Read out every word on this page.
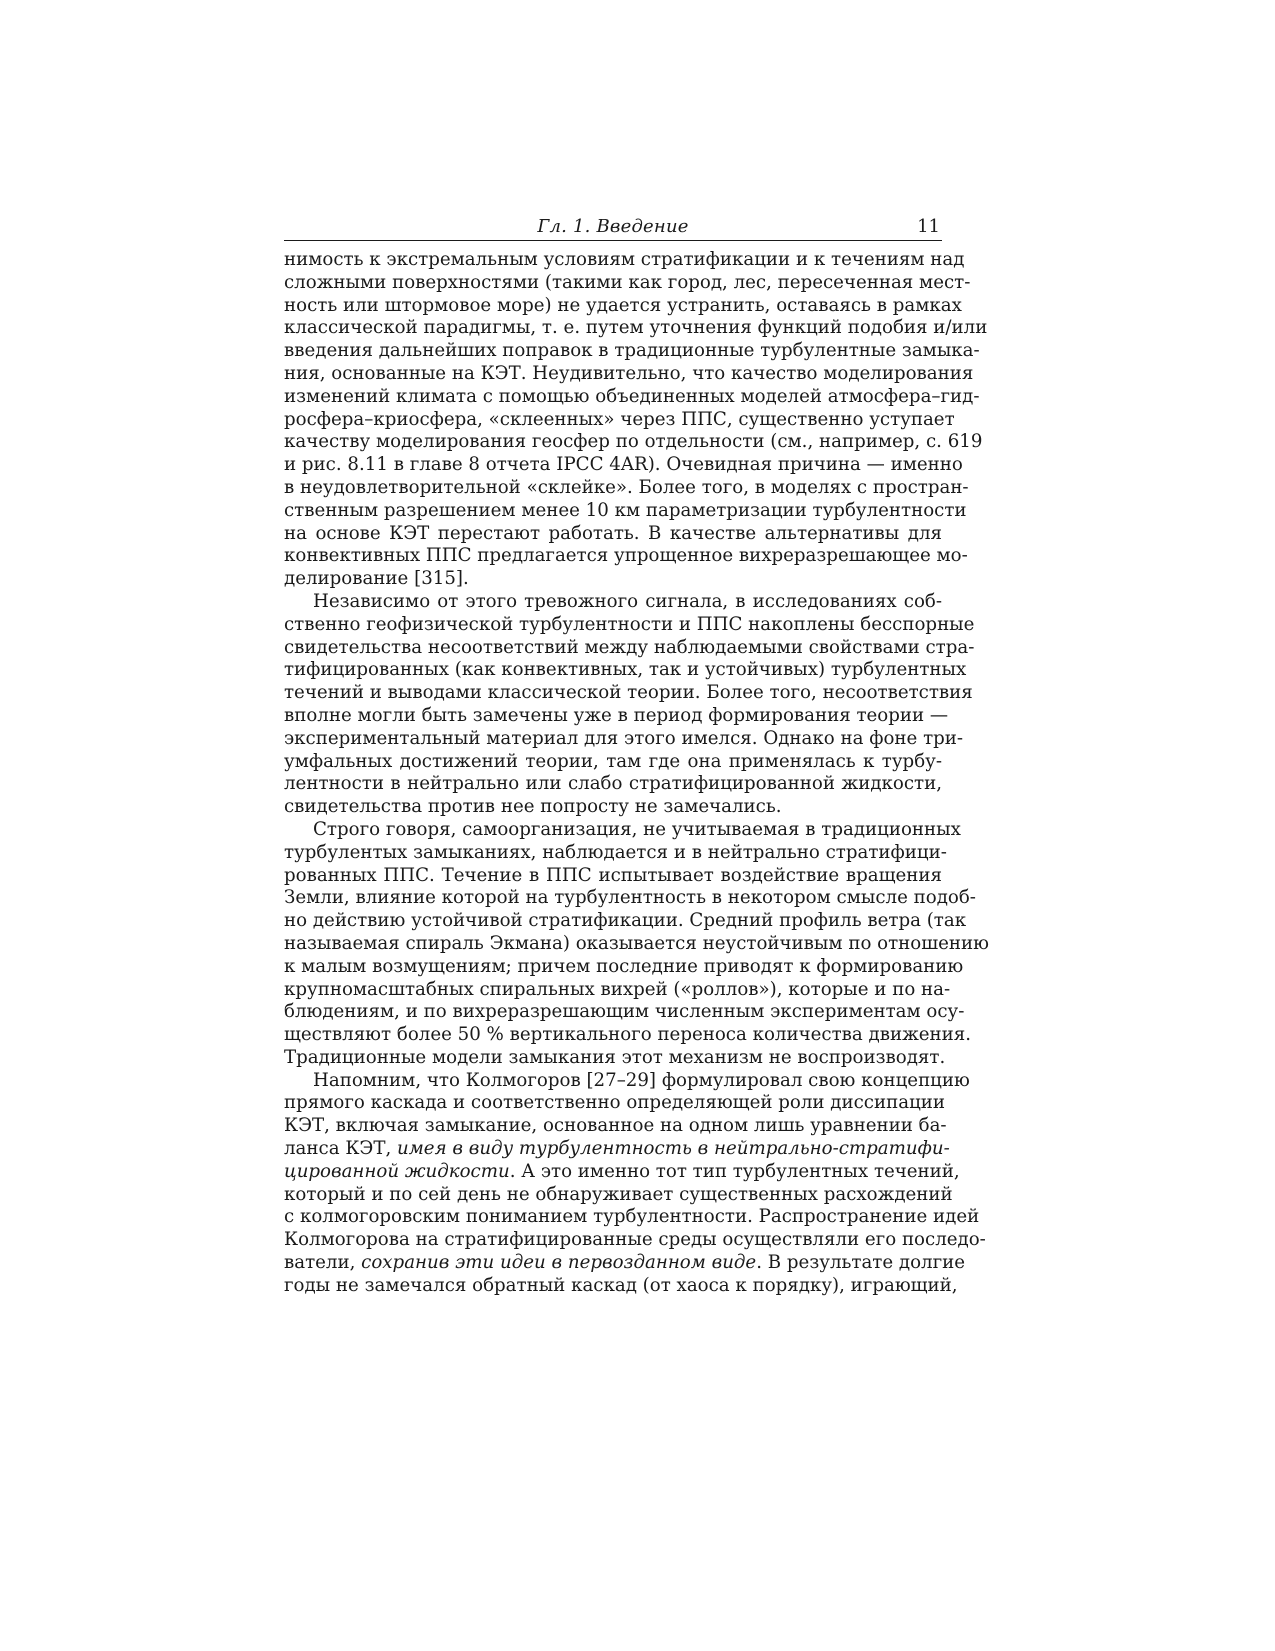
Гл. 1. Введение	11

нимость к экстремальным условиям стратификации и к течениям над
сложными поверхностями (такими как город, лес, пересеченная мест-
ность или штормовое море) не удается устранить, оставаясь в рамках
классической парадигмы, т. е. путем уточнения функций подобия и/или
введения дальнейших поправок в традиционные турбулентные замыка-
ния, основанные на КЭТ. Неудивительно, что качество моделирования
изменений климата с помощью объединенных моделей атмосфера–гид-
росфера–криосфера, «склеенных» через ППС, существенно уступает
качеству моделирования геосфер по отдельности (см., например, с. 619
и рис. 8.11 в главе 8 отчета IPCC 4AR). Очевидная причина — именно
в неудовлетворительной «склейке». Более того, в моделях с простран-
ственным разрешением менее 10 км параметризации турбулентности
на основе КЭТ перестают работать. В качестве альтернативы для
конвективных ППС предлагается упрощенное вихреразрешающее мо-
делирование [315].

Независимо от этого тревожного сигнала, в исследованиях соб-
ственно геофизической турбулентности и ППС накоплены бесспорные
свидетельства несоответствий между наблюдаемыми свойствами стра-
тифицированных (как конвективных, так и устойчивых) турбулентных
течений и выводами классической теории. Более того, несоответствия
вполне могли быть замечены уже в период формирования теории —
экспериментальный материал для этого имелся. Однако на фоне три-
умфальных достижений теории, там где она применялась к турбу-
лентности в нейтрально или слабо стратифицированной жидкости,
свидетельства против нее попросту не замечались.

Строго говоря, самоорганизация, не учитываемая в традиционных
турбулентых замыканиях, наблюдается и в нейтрально стратифици-
рованных ППС. Течение в ППС испытывает воздействие вращения
Земли, влияние которой на турбулентность в некотором смысле подоб-
но действию устойчивой стратификации. Средний профиль ветра (так
называемая спираль Экмана) оказывается неустойчивым по отношению
к малым возмущениям; причем последние приводят к формированию
крупномасштабных спиральных вихрей («роллов»), которые и по на-
блюдениям, и по вихреразрешающим численным экспериментам осу-
ществляют более 50 % вертикального переноса количества движения.
Традиционные модели замыкания этот механизм не воспроизводят.

Напомним, что Колмогоров [27–29] формулировал свою концепцию
прямого каскада и соответственно определяющей роли диссипации
КЭТ, включая замыкание, основанное на одном лишь уравнении ба-
ланса КЭТ, имея в виду турбулентность в нейтрально-стратифи-
цированной жидкости. А это именно тот тип турбулентных течений,
который и по сей день не обнаруживает существенных расхождений
с колмогоровским пониманием турбулентности. Распространение идей
Колмогорова на стратифицированные среды осуществляли его последо-
ватели, сохранив эти идеи в первозданном виде. В результате долгие
годы не замечался обратный каскад (от хаоса к порядку), играющий,
